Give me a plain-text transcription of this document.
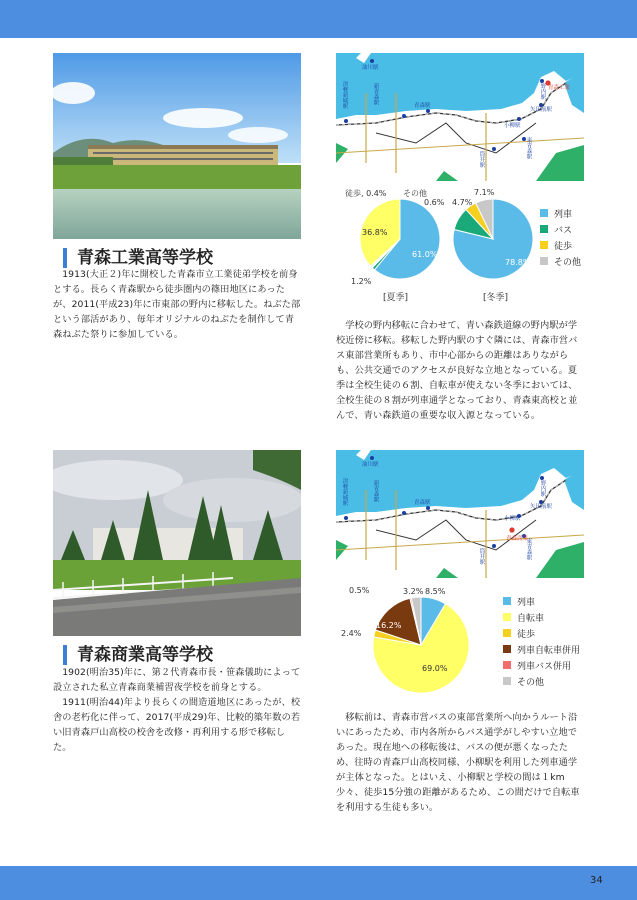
青森工業高等学校
1913(大正２)年に開校した青森市立工業徒弟学校を前身とする。長らく青森駅から徒歩圏内の篠田地区にあったが、2011(平成23)年に市東部の野内に移転した。ねぶた部という部活があり、毎年オリジナルのねぶたを制作して青森ねぶた祭りに参加している。
油川駅
津軽新城駅	新青森駅
青森駅
小柳駅
東青森駅
筒井駅
野内駅
矢田前駅
青森工業
徒歩, 0.4% その他
0.6%
36.8%
61.0%
1.2%
7.1%
4.7%
78.8%
[夏季]	[冬季]
列車
バス
徒歩
その他
学校の野内移転に合わせて、青い森鉄道線の野内駅が学校近傍に移転。移転した野内駅のすぐ隣には、青森市営バス東部営業所もあり、市中心部からの距離はありながらも、公共交通でのアクセスが良好な立地となっている。夏季は全校生徒の６割、自転車が使えない冬季においては、全校生徒の８割が列車通学となっており、青森東高校と並んで、青い森鉄道の重要な収入源となっている。
青森商業高等学校

1902(明治35)年に、第２代青森市長・笹森儀助によって設立された私立青森商業補習夜学校を前身とする。

1911(明治44)年より長らくの間造道地区にあったが、校舎の老朽化に伴って、2017(平成29)年、比較的築年数の若い旧青森戸山高校の校舎を改修・再利用する形で移転した。

油川駅
津軽新城駅	新青森駅
青森駅
小柳駅
東青森駅
筒井駅
野内駅
矢田前駅
青森商業
0.5%	3.2% 8.5%
2.4%
16.2%
69.0%
列車
自転車
徒歩
列車自転車併用
列車バス併用
その他
移転前は、青森市営バスの東部営業所へ向かうルート沿いにあったため、市内各所からバス通学がしやすい立地であった。現在地への移転後は、バスの便が悪くなったため、往時の青森戸山高校同様、小柳駅を利用した列車通学が主体となった。とはいえ、小柳駅と学校の間は１km少々、徒歩15分強の距離があるため、この間だけで自転車を利用する生徒も多い。
34
